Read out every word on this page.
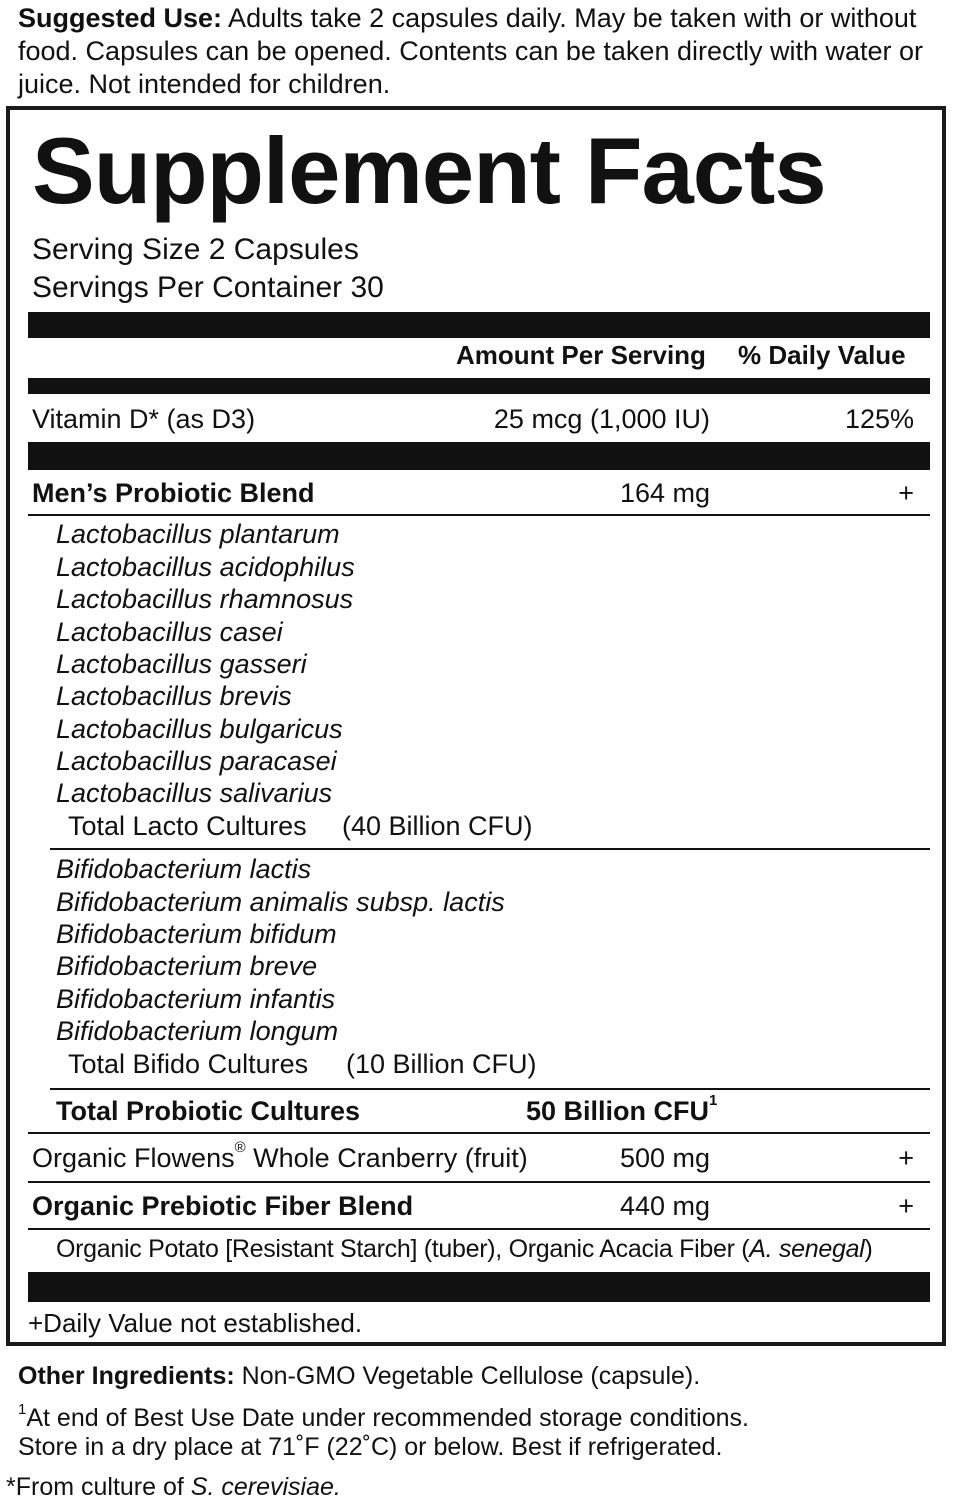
Suggested Use: Adults take 2 capsules daily. May be taken with or without food. Capsules can be opened. Contents can be taken directly with water or juice. Not intended for children.
Supplement Facts
Serving Size 2 Capsules
Servings Per Container 30
Amount Per Serving % Daily Value
Vitamin D* (as D3)	25 mcg (1,000 IU)	125%
Men’s Probiotic Blend	164 mg	+
Lactobacillus plantarum
Lactobacillus acidophilus
Lactobacillus rhamnosus
Lactobacillus casei
Lactobacillus gasseri
Lactobacillus brevis
Lactobacillus bulgaricus
Lactobacillus paracasei
Lactobacillus salivarius
Total Lacto Cultures (40 Billion CFU)
Bifidobacterium lactis
Bifidobacterium animalis subsp. lactis
Bifidobacterium bifidum
Bifidobacterium breve
Bifidobacterium infantis
Bifidobacterium longum
Total Bifido Cultures (10 Billion CFU)
Total Probiotic Cultures	50 Billion CFU$^1$
Organic Flowens® Whole Cranberry (fruit)	500 mg	+
Organic Prebiotic Fiber Blend	440 mg	+
Organic Potato [Resistant Starch] (tuber), Organic Acacia Fiber (A. senegal)
+Daily Value not established.
Other Ingredients: Non-GMO Vegetable Cellulose (capsule).
$^1$At end of Best Use Date under recommended storage conditions.
Store in a dry place at 71˚F (22˚C) or below. Best if refrigerated.
*From culture of S. cerevisiae.
